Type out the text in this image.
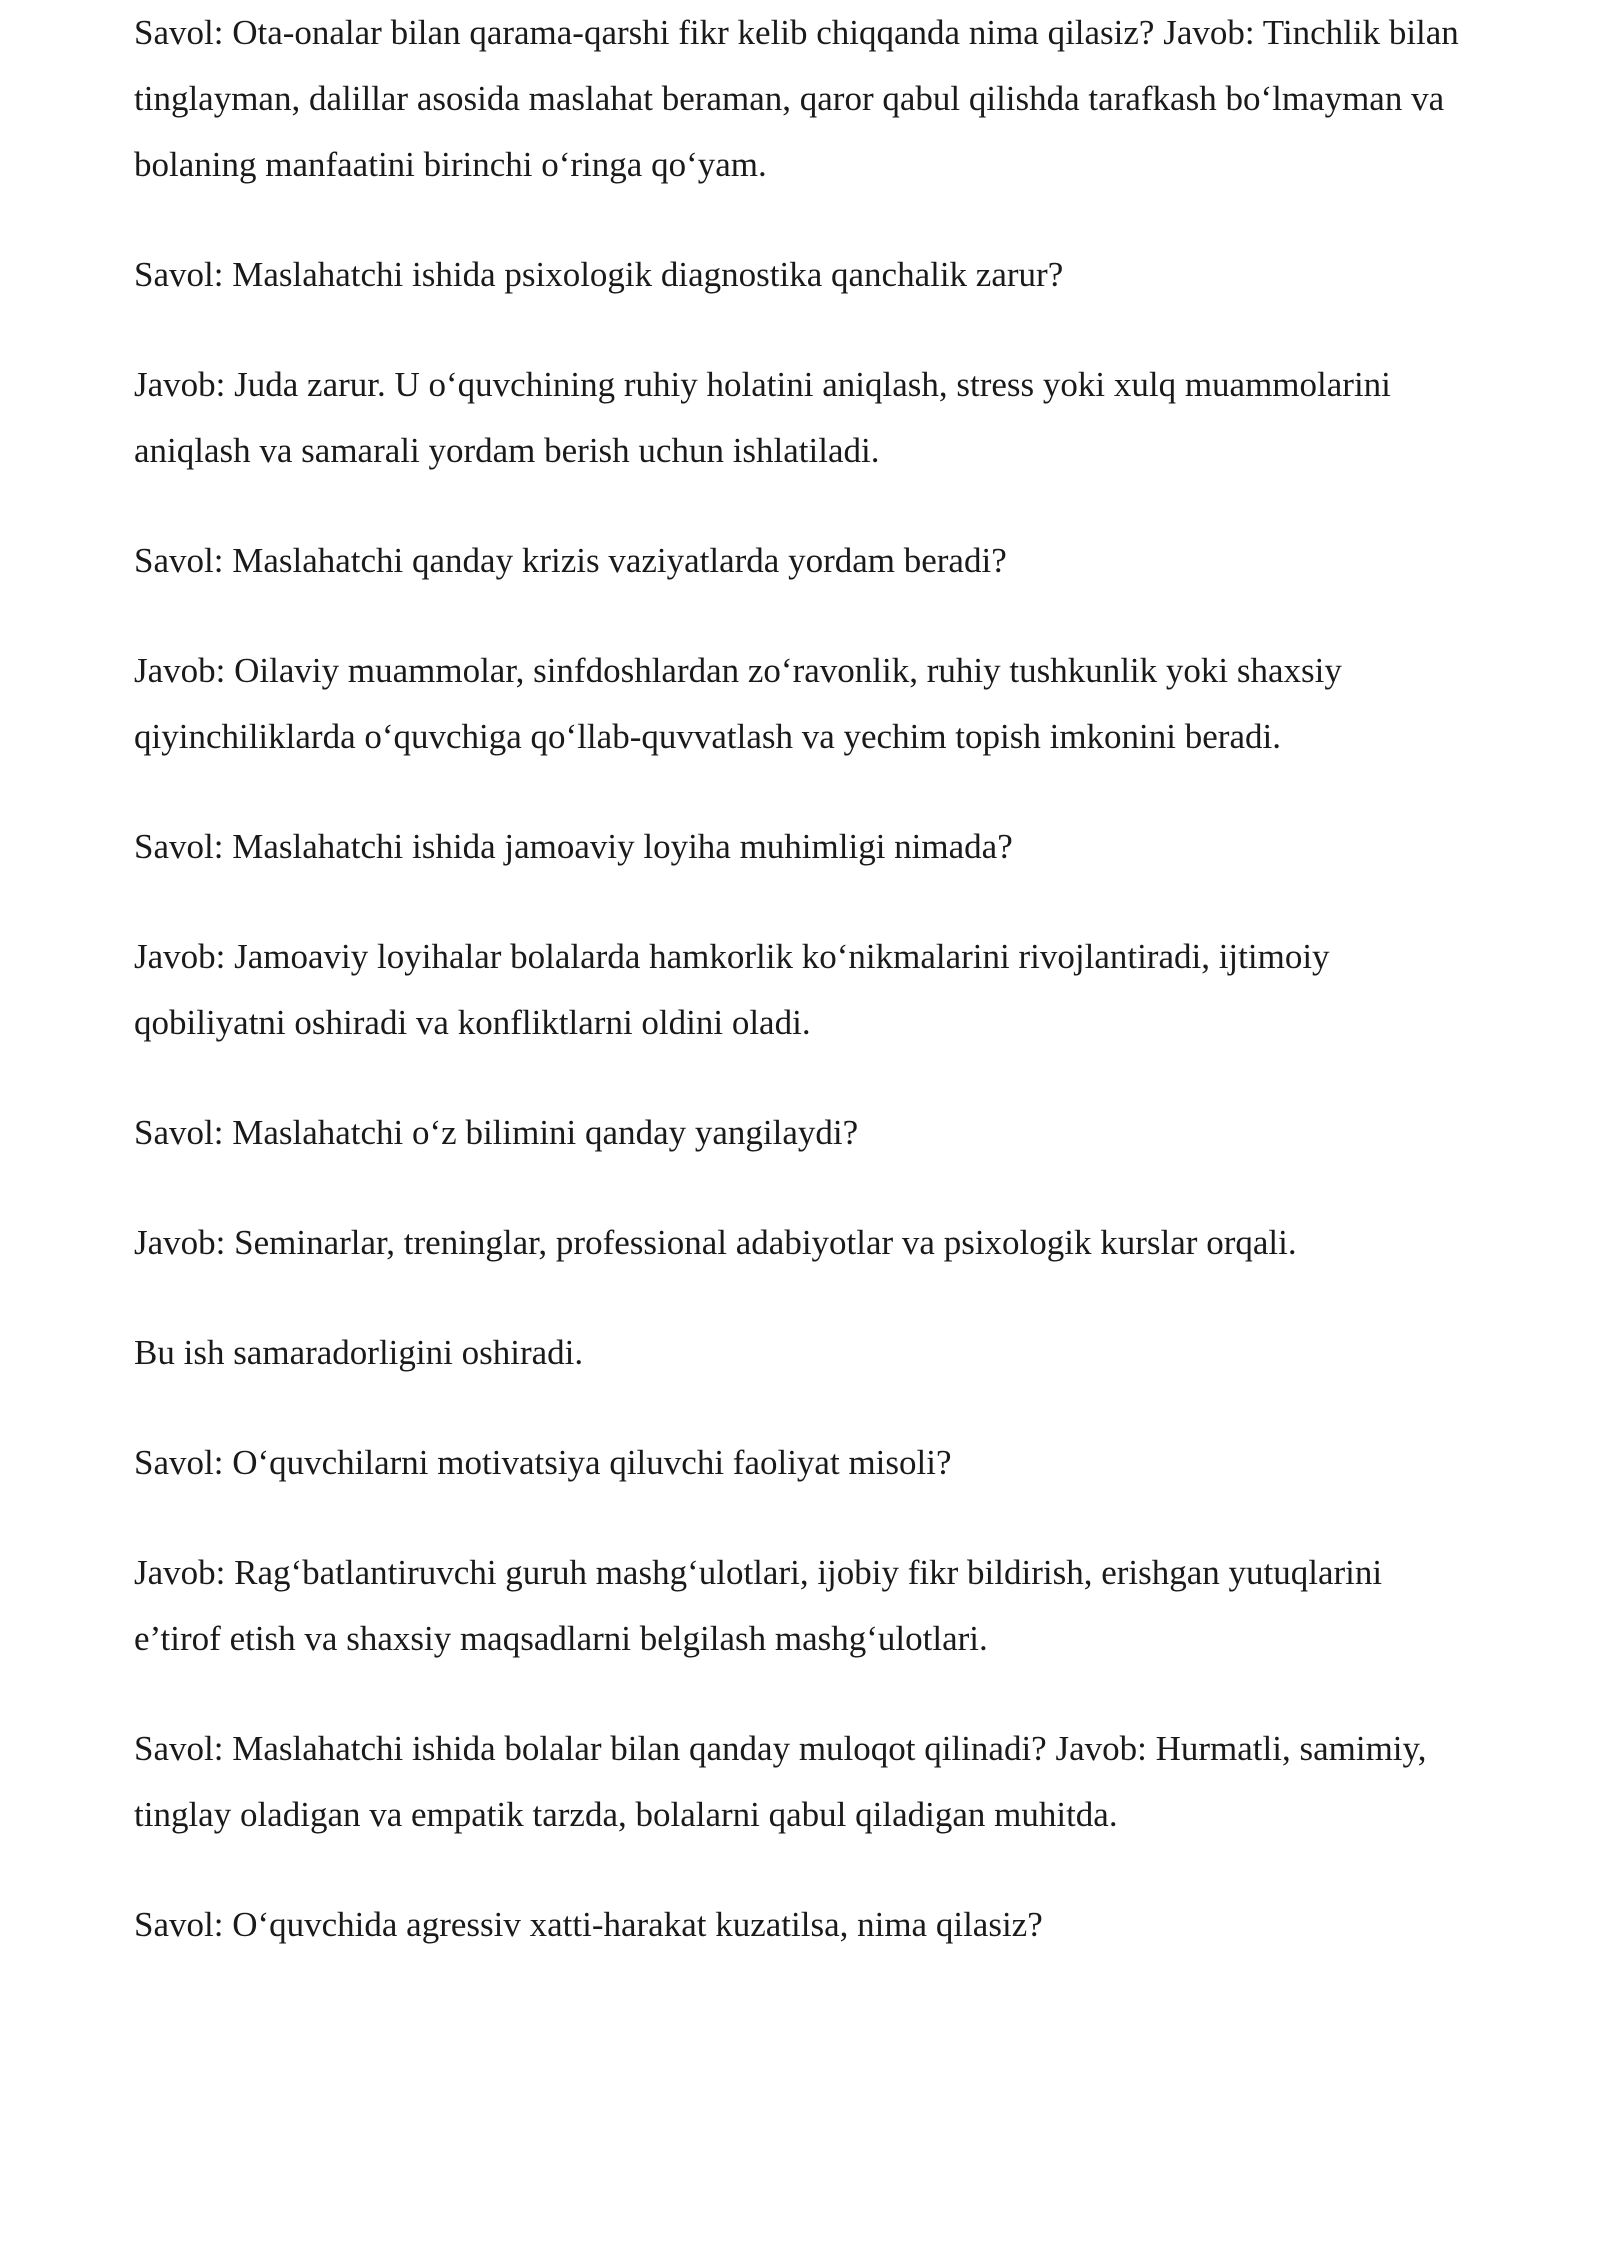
Savol: Ota-onalar bilan qarama-qarshi fikr kelib chiqqanda nima qilasiz? Javob: Tinchlik bilan tinglayman, dalillar asosida maslahat beraman, qaror qabul qilishda tarafkash boʻlmayman va bolaning manfaatini birinchi oʻringa qoʻyam.

Savol: Maslahatchi ishida psixologik diagnostika qanchalik zarur?

Javob: Juda zarur. U oʻquvchining ruhiy holatini aniqlash, stress yoki xulq muammolarini aniqlash va samarali yordam berish uchun ishlatiladi.

Savol: Maslahatchi qanday krizis vaziyatlarda yordam beradi?

Javob: Oilaviy muammolar, sinfdoshlardan zoʻravonlik, ruhiy tushkunlik yoki shaxsiy qiyinchiliklarda oʻquvchiga qoʻllab-quvvatlash va yechim topish imkonini beradi.

Savol: Maslahatchi ishida jamoaviy loyiha muhimligi nimada?

Javob: Jamoaviy loyihalar bolalarda hamkorlik koʻnikmalarini rivojlantiradi, ijtimoiy qobiliyatni oshiradi va konfliktlarni oldini oladi.

Savol: Maslahatchi oʻz bilimini qanday yangilaydi?

Javob: Seminarlar, treninglar, professional adabiyotlar va psixologik kurslar orqali.

Bu ish samaradorligini oshiradi.

Savol: Oʻquvchilarni motivatsiya qiluvchi faoliyat misoli?

Javob: Ragʻbatlantiruvchi guruh mashgʻulotlari, ijobiy fikr bildirish, erishgan yutuqlarini e’tirof etish va shaxsiy maqsadlarni belgilash mashgʻulotlari.

Savol: Maslahatchi ishida bolalar bilan qanday muloqot qilinadi? Javob: Hurmatli, samimiy, tinglay oladigan va empatik tarzda, bolalarni qabul qiladigan muhitda.

Savol: Oʻquvchida agressiv xatti-harakat kuzatilsa, nima qilasiz?
